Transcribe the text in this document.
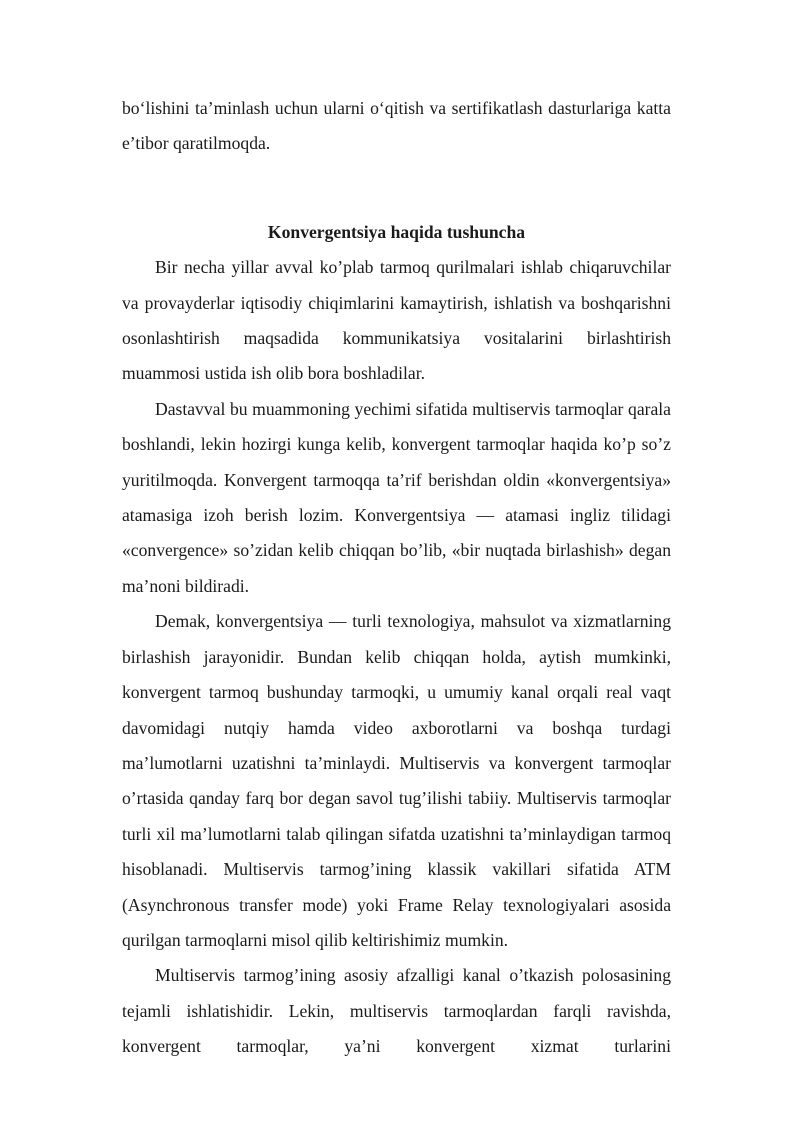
bo‘lishini ta’minlash uchun ularni o‘qitish va sertifikatlash dasturlariga katta e’tibor qaratilmoqda.

Konvergentsiya haqida tushuncha

Bir necha yillar avval ko’plab tarmoq qurilmalari ishlab chiqaruvchilar va provayderlar iqtisodiy chiqimlarini kamaytirish, ishlatish va boshqarishni osonlashtirish maqsadida kommunikatsiya vositalarini birlashtirish muammosi ustida ish olib bora boshladilar.

Dastavval bu muammoning yechimi sifatida multiservis tarmoqlar qarala boshlandi, lekin hozirgi kunga kelib, konvergent tarmoqlar haqida ko’p so’z yuritilmoqda. Konvergent tarmoqqa ta’rif berishdan oldin «konvergentsiya» atamasiga izoh berish lozim. Konvergentsiya — atamasi ingliz tilidagi «convergence» so’zidan kelib chiqqan bo’lib, «bir nuqtada birlashish» degan ma’noni bildiradi.

Demak, konvergentsiya — turli texnologiya, mahsulot va xizmatlarning birlashish jarayonidir. Bundan kelib chiqqan holda, aytish mumkinki, konvergent tarmoq bushunday tarmoqki, u umumiy kanal orqali real vaqt davomidagi nutqiy hamda video axborotlarni va boshqa turdagi ma’lumotlarni uzatishni ta’minlaydi. Multiservis va konvergent tarmoqlar o’rtasida qanday farq bor degan savol tug’ilishi tabiiy. Multiservis tarmoqlar turli xil ma’lumotlarni talab qilingan sifatda uzatishni ta’minlaydigan tarmoq hisoblanadi. Multiservis tarmog’ining klassik vakillari sifatida ATM (Asynchronous transfer mode) yoki Frame Relay texnologiyalari asosida qurilgan tarmoqlarni misol qilib keltirishimiz mumkin.

Multiservis tarmog’ining asosiy afzalligi kanal o’tkazish polosasining tejamli ishlatishidir. Lekin, multiservis tarmoqlardan farqli ravishda, konvergent tarmoqlar, ya’ni konvergent xizmat turlarini
